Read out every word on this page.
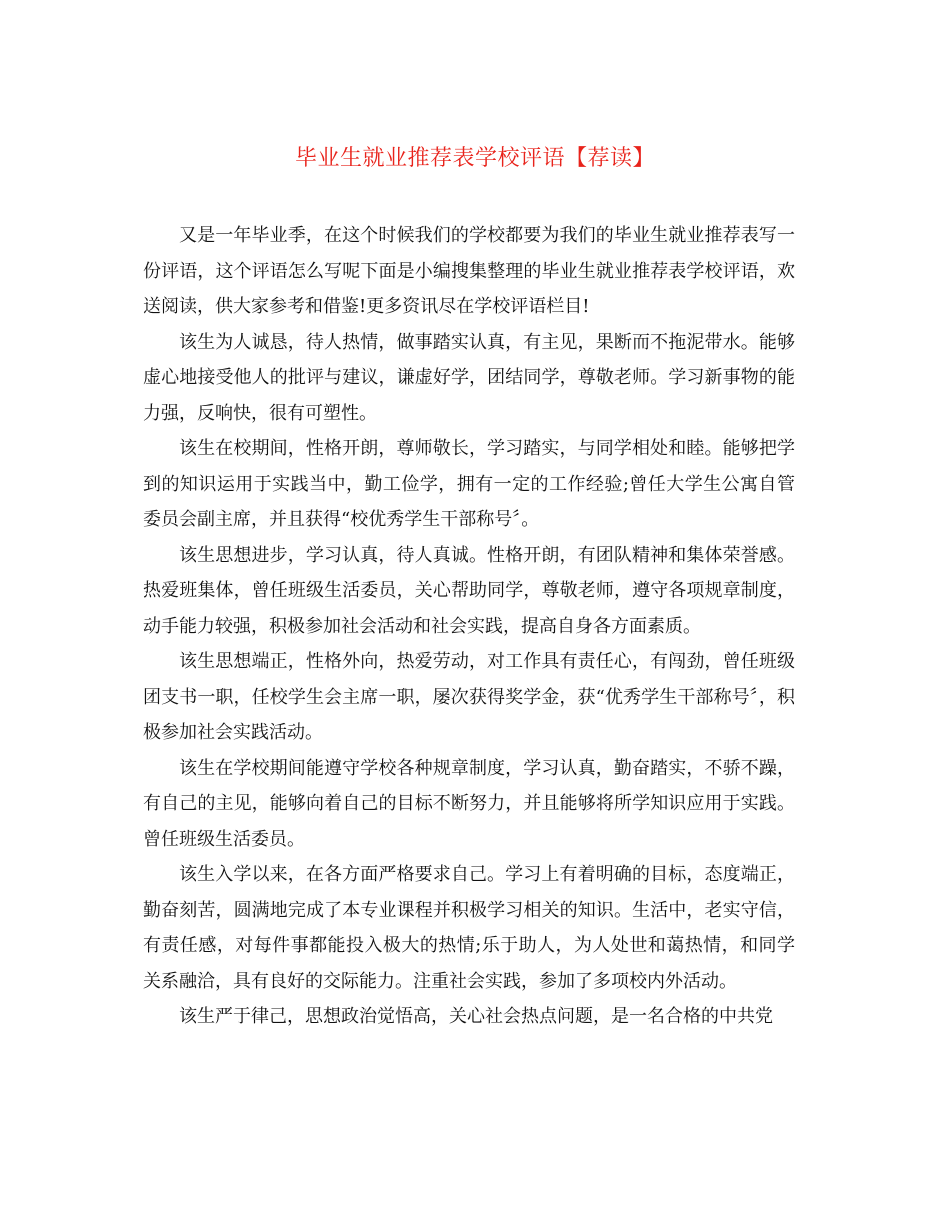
毕业生就业推荐表学校评语【荐读】

又是一年毕业季，在这个时候我们的学校都要为我们的毕业生就业推荐表写一份评语，这个评语怎么写呢下面是小编搜集整理的毕业生就业推荐表学校评语，欢送阅读，供大家参考和借鉴!更多资讯尽在学校评语栏目!

该生为人诚恳，待人热情，做事踏实认真，有主见，果断而不拖泥带水。能够虚心地接受他人的批评与建议，谦虚好学，团结同学，尊敬老师。学习新事物的能力强，反响快，很有可塑性。

该生在校期间，性格开朗，尊师敬长，学习踏实，与同学相处和睦。能够把学到的知识运用于实践当中，勤工俭学，拥有一定的工作经验;曾任大学生公寓自管委员会副主席，并且获得“校优秀学生干部称号〞。

该生思想进步，学习认真，待人真诚。性格开朗，有团队精神和集体荣誉感。热爱班集体，曾任班级生活委员，关心帮助同学，尊敬老师，遵守各项规章制度，动手能力较强，积极参加社会活动和社会实践，提高自身各方面素质。

该生思想端正，性格外向，热爱劳动，对工作具有责任心，有闯劲，曾任班级团支书一职，任校学生会主席一职，屡次获得奖学金，获“优秀学生干部称号〞，积极参加社会实践活动。

该生在学校期间能遵守学校各种规章制度，学习认真，勤奋踏实，不骄不躁，有自己的主见，能够向着自己的目标不断努力，并且能够将所学知识应用于实践。曾任班级生活委员。

该生入学以来，在各方面严格要求自己。学习上有着明确的目标，态度端正，勤奋刻苦，圆满地完成了本专业课程并积极学习相关的知识。生活中，老实守信，有责任感，对每件事都能投入极大的热情;乐于助人，为人处世和蔼热情，和同学关系融洽，具有良好的交际能力。注重社会实践，参加了多项校内外活动。

该生严于律己，思想政治觉悟高，关心社会热点问题，是一名合格的中共党
